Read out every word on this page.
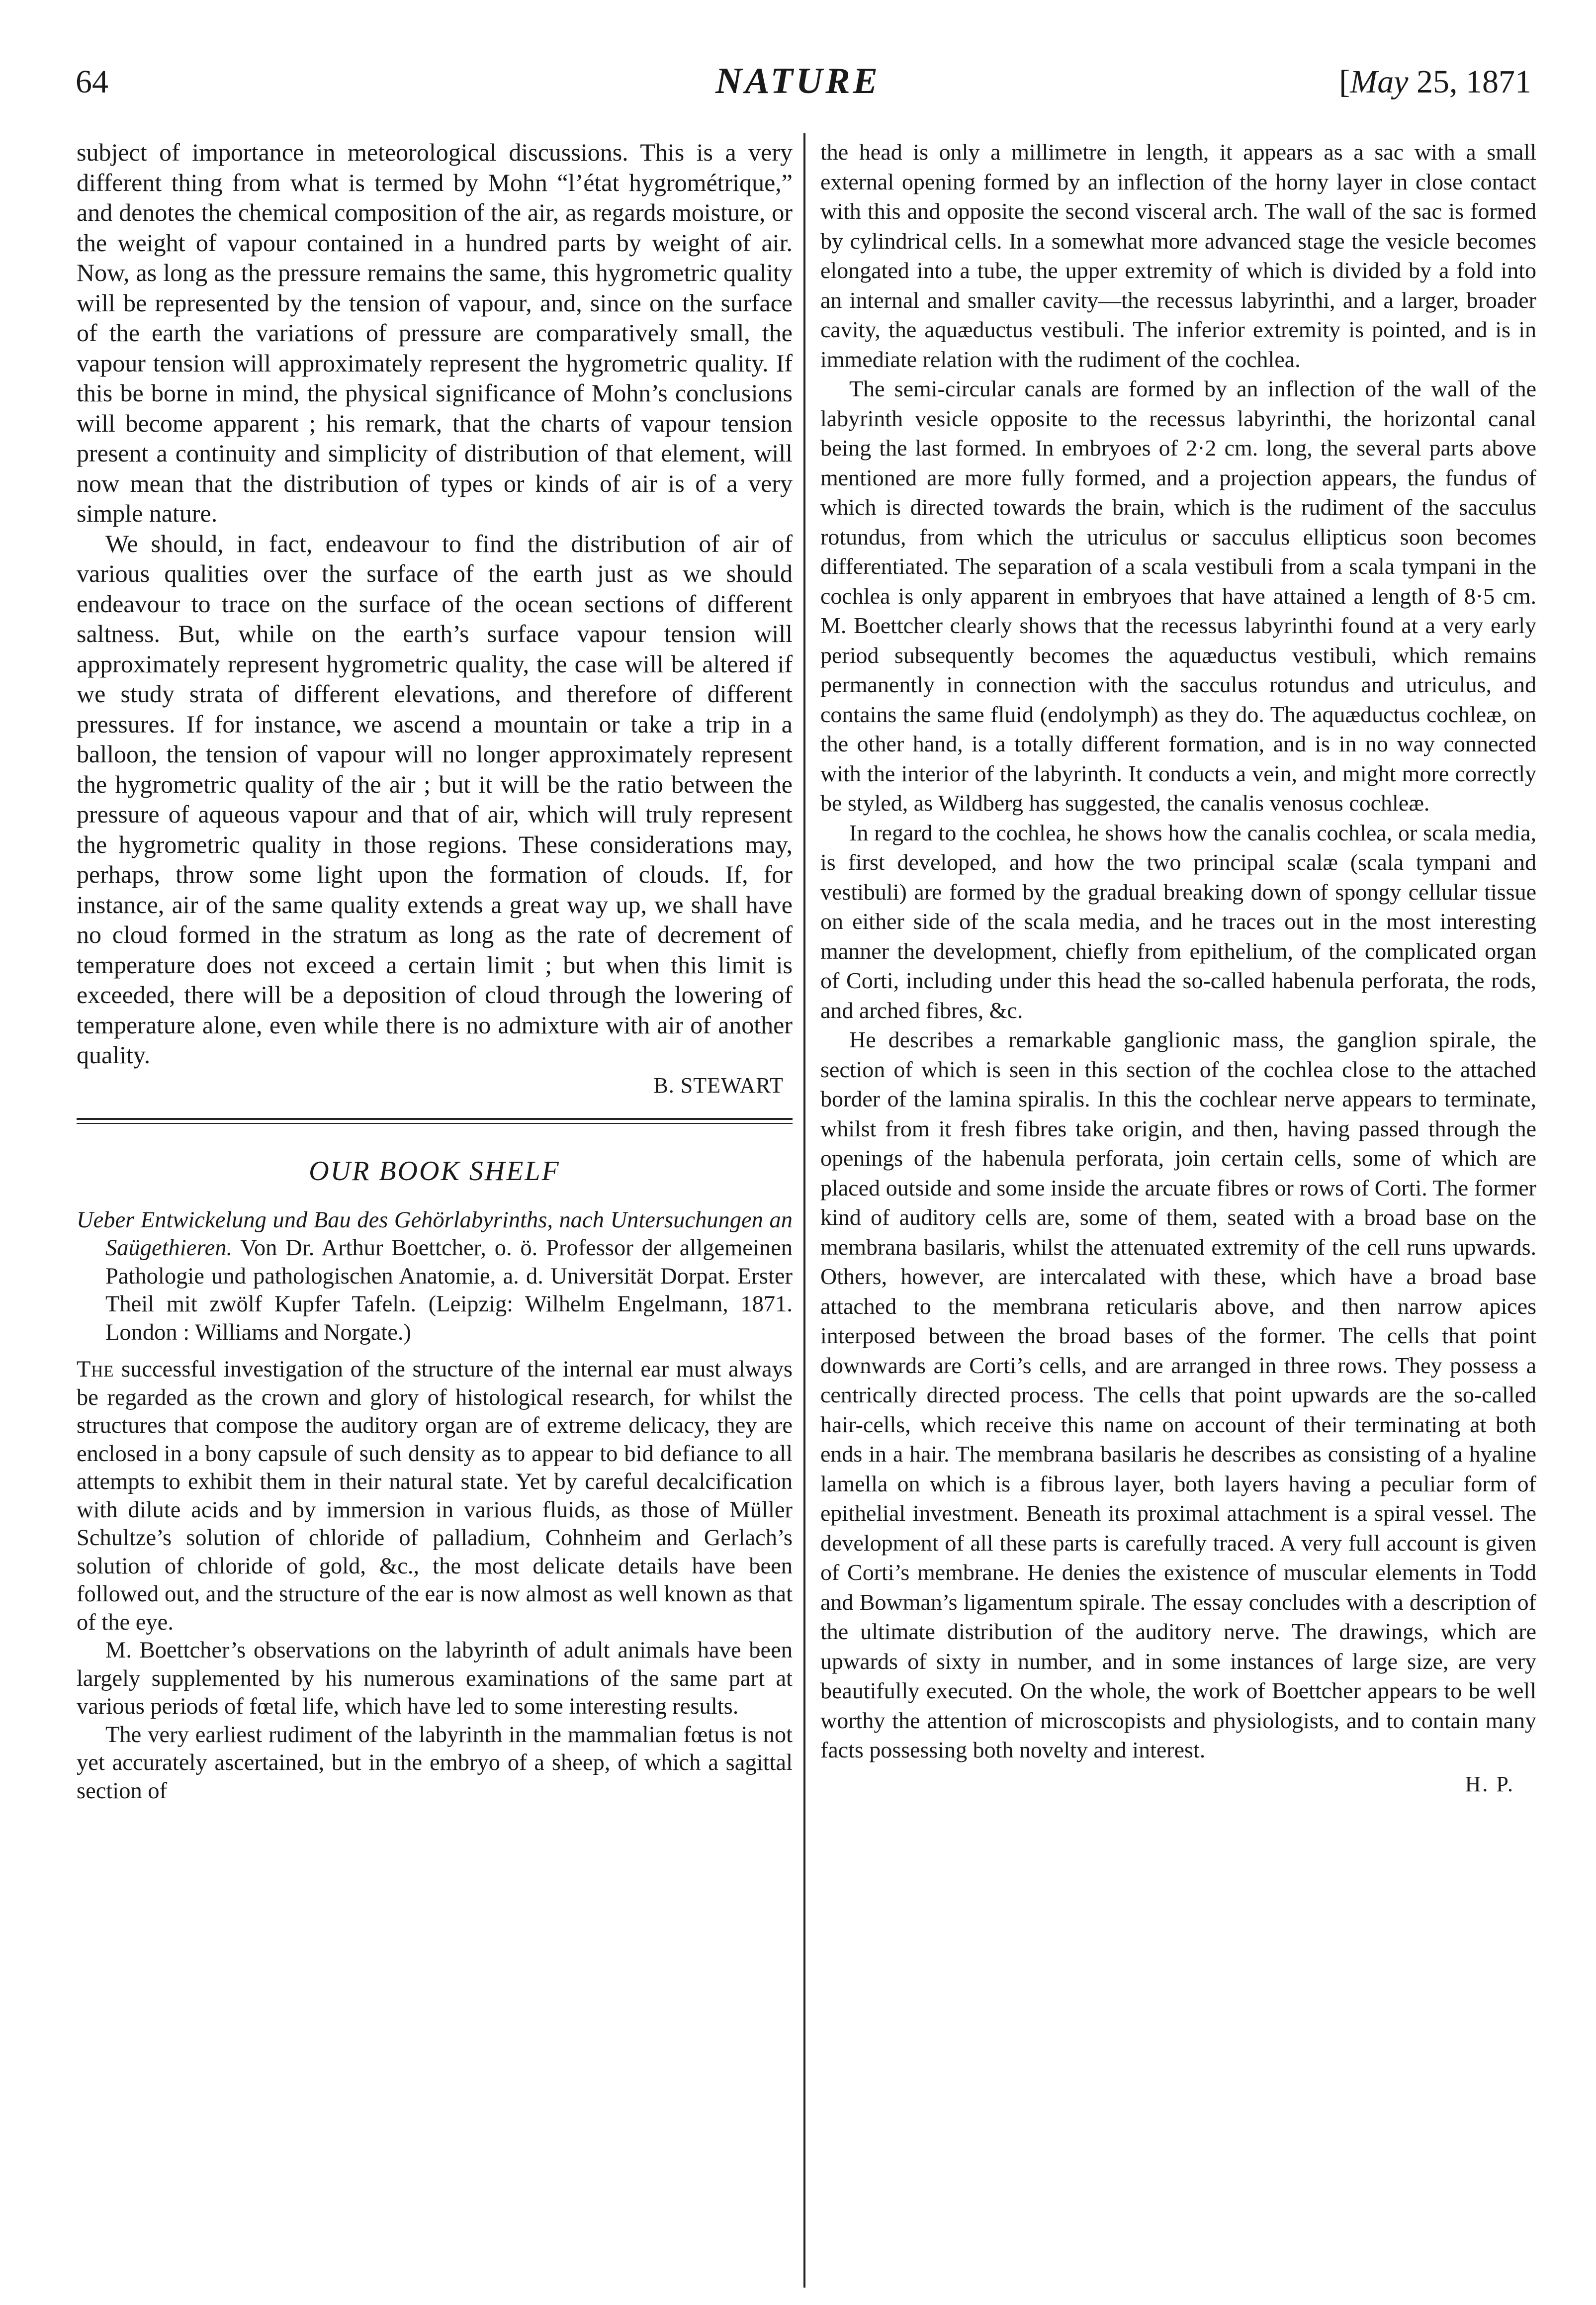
64	NATURE	[May 25, 1871

subject of importance in meteorological discussions. This is a very different thing from what is termed by Mohn “l’état hygrométrique,” and denotes the chemical composition of the air, as regards moisture, or the weight of vapour contained in a hundred parts by weight of air. Now, as long as the pressure remains the same, this hygrometric quality will be represented by the tension of vapour, and, since on the surface of the earth the variations of pressure are comparatively small, the vapour tension will approximately represent the hygrometric quality. If this be borne in mind, the physical significance of Mohn’s conclusions will become apparent ; his remark, that the charts of vapour tension present a continuity and simplicity of distribution of that element, will now mean that the distribution of types or kinds of air is of a very simple nature.

We should, in fact, endeavour to find the distribution of air of various qualities over the surface of the earth just as we should endeavour to trace on the surface of the ocean sections of different saltness. But, while on the earth’s surface vapour tension will approximately represent hygrometric quality, the case will be altered if we study strata of different elevations, and therefore of different pressures. If for instance, we ascend a mountain or take a trip in a balloon, the tension of vapour will no longer approximately represent the hygrometric quality of the air ; but it will be the ratio between the pressure of aqueous vapour and that of air, which will truly represent the hygrometric quality in those regions. These considerations may, perhaps, throw some light upon the formation of clouds. If, for instance, air of the same quality extends a great way up, we shall have no cloud formed in the stratum as long as the rate of decrement of temperature does not exceed a certain limit ; but when this limit is exceeded, there will be a deposition of cloud through the lowering of temperature alone, even while there is no admixture with air of another quality.

B. STEWART

OUR BOOK SHELF

Ueber Entwickelung und Bau des Gehörlabyrinths, nach Untersuchungen an Saügethieren. Von Dr. Arthur Boettcher, o. ö. Professor der allgemeinen Pathologie und pathologischen Anatomie, a. d. Universität Dorpat. Erster Theil mit zwölf Kupfer Tafeln. (Leipzig: Wilhelm Engelmann, 1871. London : Williams and Norgate.)

The successful investigation of the structure of the internal ear must always be regarded as the crown and glory of histological research, for whilst the structures that compose the auditory organ are of extreme delicacy, they are enclosed in a bony capsule of such density as to appear to bid defiance to all attempts to exhibit them in their natural state. Yet by careful decalcification with dilute acids and by immersion in various fluids, as those of Müller Schultze’s solution of chloride of palladium, Cohnheim and Gerlach’s solution of chloride of gold, &c., the most delicate details have been followed out, and the structure of the ear is now almost as well known as that of the eye.

M. Boettcher’s observations on the labyrinth of adult animals have been largely supplemented by his numerous examinations of the same part at various periods of fœtal life, which have led to some interesting results.

The very earliest rudiment of the labyrinth in the mammalian fœtus is not yet accurately ascertained, but in the embryo of a sheep, of which a sagittal section of

the head is only a millimetre in length, it appears as a sac with a small external opening formed by an inflection of the horny layer in close contact with this and opposite the second visceral arch. The wall of the sac is formed by cylindrical cells. In a somewhat more advanced stage the vesicle becomes elongated into a tube, the upper extremity of which is divided by a fold into an internal and smaller cavity—the recessus labyrinthi, and a larger, broader cavity, the aquæductus vestibuli. The inferior extremity is pointed, and is in immediate relation with the rudiment of the cochlea.

The semi-circular canals are formed by an inflection of the wall of the labyrinth vesicle opposite to the recessus labyrinthi, the horizontal canal being the last formed. In embryoes of 2·2 cm. long, the several parts above mentioned are more fully formed, and a projection appears, the fundus of which is directed towards the brain, which is the rudiment of the sacculus rotundus, from which the utriculus or sacculus ellipticus soon becomes differentiated. The separation of a scala vestibuli from a scala tympani in the cochlea is only apparent in embryoes that have attained a length of 8·5 cm. M. Boettcher clearly shows that the recessus labyrinthi found at a very early period subsequently becomes the aquæductus vestibuli, which remains permanently in connection with the sacculus rotundus and utriculus, and contains the same fluid (endolymph) as they do. The aquæductus cochleæ, on the other hand, is a totally different formation, and is in no way connected with the interior of the labyrinth. It conducts a vein, and might more correctly be styled, as Wildberg has suggested, the canalis venosus cochleæ.

In regard to the cochlea, he shows how the canalis cochlea, or scala media, is first developed, and how the two principal scalæ (scala tympani and vestibuli) are formed by the gradual breaking down of spongy cellular tissue on either side of the scala media, and he traces out in the most interesting manner the development, chiefly from epithelium, of the complicated organ of Corti, including under this head the so-called habenula perforata, the rods, and arched fibres, &c.

He describes a remarkable ganglionic mass, the ganglion spirale, the section of which is seen in this section of the cochlea close to the attached border of the lamina spiralis. In this the cochlear nerve appears to terminate, whilst from it fresh fibres take origin, and then, having passed through the openings of the habenula perforata, join certain cells, some of which are placed outside and some inside the arcuate fibres or rows of Corti. The former kind of auditory cells are, some of them, seated with a broad base on the membrana basilaris, whilst the attenuated extremity of the cell runs upwards. Others, however, are intercalated with these, which have a broad base attached to the membrana reticularis above, and then narrow apices interposed between the broad bases of the former. The cells that point downwards are Corti’s cells, and are arranged in three rows. They possess a centrically directed process. The cells that point upwards are the so-called hair-cells, which receive this name on account of their terminating at both ends in a hair. The membrana basilaris he describes as consisting of a hyaline lamella on which is a fibrous layer, both layers having a peculiar form of epithelial investment. Beneath its proximal attachment is a spiral vessel. The development of all these parts is carefully traced. A very full account is given of Corti’s membrane. He denies the existence of muscular elements in Todd and Bowman’s ligamentum spirale. The essay concludes with a description of the ultimate distribution of the auditory nerve. The drawings, which are upwards of sixty in number, and in some instances of large size, are very beautifully executed. On the whole, the work of Boettcher appears to be well worthy the attention of microscopists and physiologists, and to contain many facts possessing both novelty and interest.

H. P.
